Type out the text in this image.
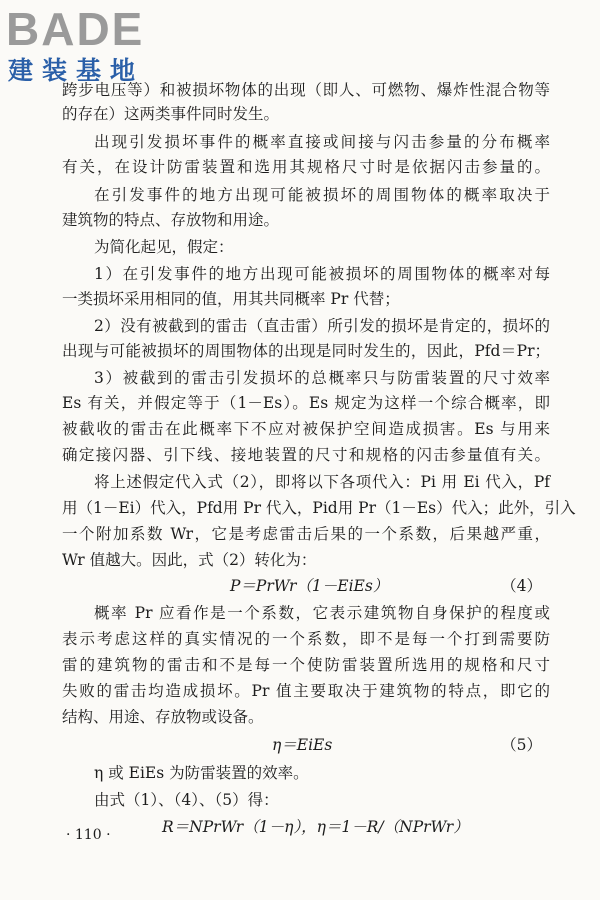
BADE
建装基地
跨步电压等）和被损坏物体的出现（即人、可燃物、爆炸性混合物等
的存在）这两类事件同时发生。
出现引发损坏事件的概率直接或间接与闪击参量的分布概率
有关，在设计防雷装置和选用其规格尺寸时是依据闪击参量的。
在引发事件的地方出现可能被损坏的周围物体的概率取决于
建筑物的特点、存放物和用途。
为简化起见，假定：
1）在引发事件的地方出现可能被损坏的周围物体的概率对每
一类损坏采用相同的值，用其共同概率 Pr 代替；
2）没有被截到的雷击（直击雷）所引发的损坏是肯定的，损坏的
出现与可能被损坏的周围物体的出现是同时发生的，因此，Pfd＝Pr；
3）被截到的雷击引发损坏的总概率只与防雷装置的尺寸效率
Es 有关，并假定等于（1－Es）。Es 规定为这样一个综合概率，即
被截收的雷击在此概率下不应对被保护空间造成损害。Es 与用来
确定接闪器、引下线、接地装置的尺寸和规格的闪击参量值有关。
将上述假定代入式（2），即将以下各项代入：Pi 用 Ei 代入，Pf
用（1－Ei）代入，Pfd用 Pr 代入，Pid用 Pr（1－Es）代入；此外，引入
一个附加系数 Wr，它是考虑雷击后果的一个系数，后果越严重，
Wr 值越大。因此，式（2）转化为：
P＝PrWr（1－EiEs）	（4）
概率 Pr 应看作是一个系数，它表示建筑物自身保护的程度或
表示考虑这样的真实情况的一个系数，即不是每一个打到需要防
雷的建筑物的雷击和不是每一个使防雷装置所选用的规格和尺寸
失败的雷击均造成损坏。Pr 值主要取决于建筑物的特点，即它的
结构、用途、存放物或设备。
η＝EiEs	（5）
η 或 EiEs 为防雷装置的效率。
由式（1）、（4）、（5）得：
R＝NPrWr（1－η），η＝1－R/（NPrWr）
· 110 ·
